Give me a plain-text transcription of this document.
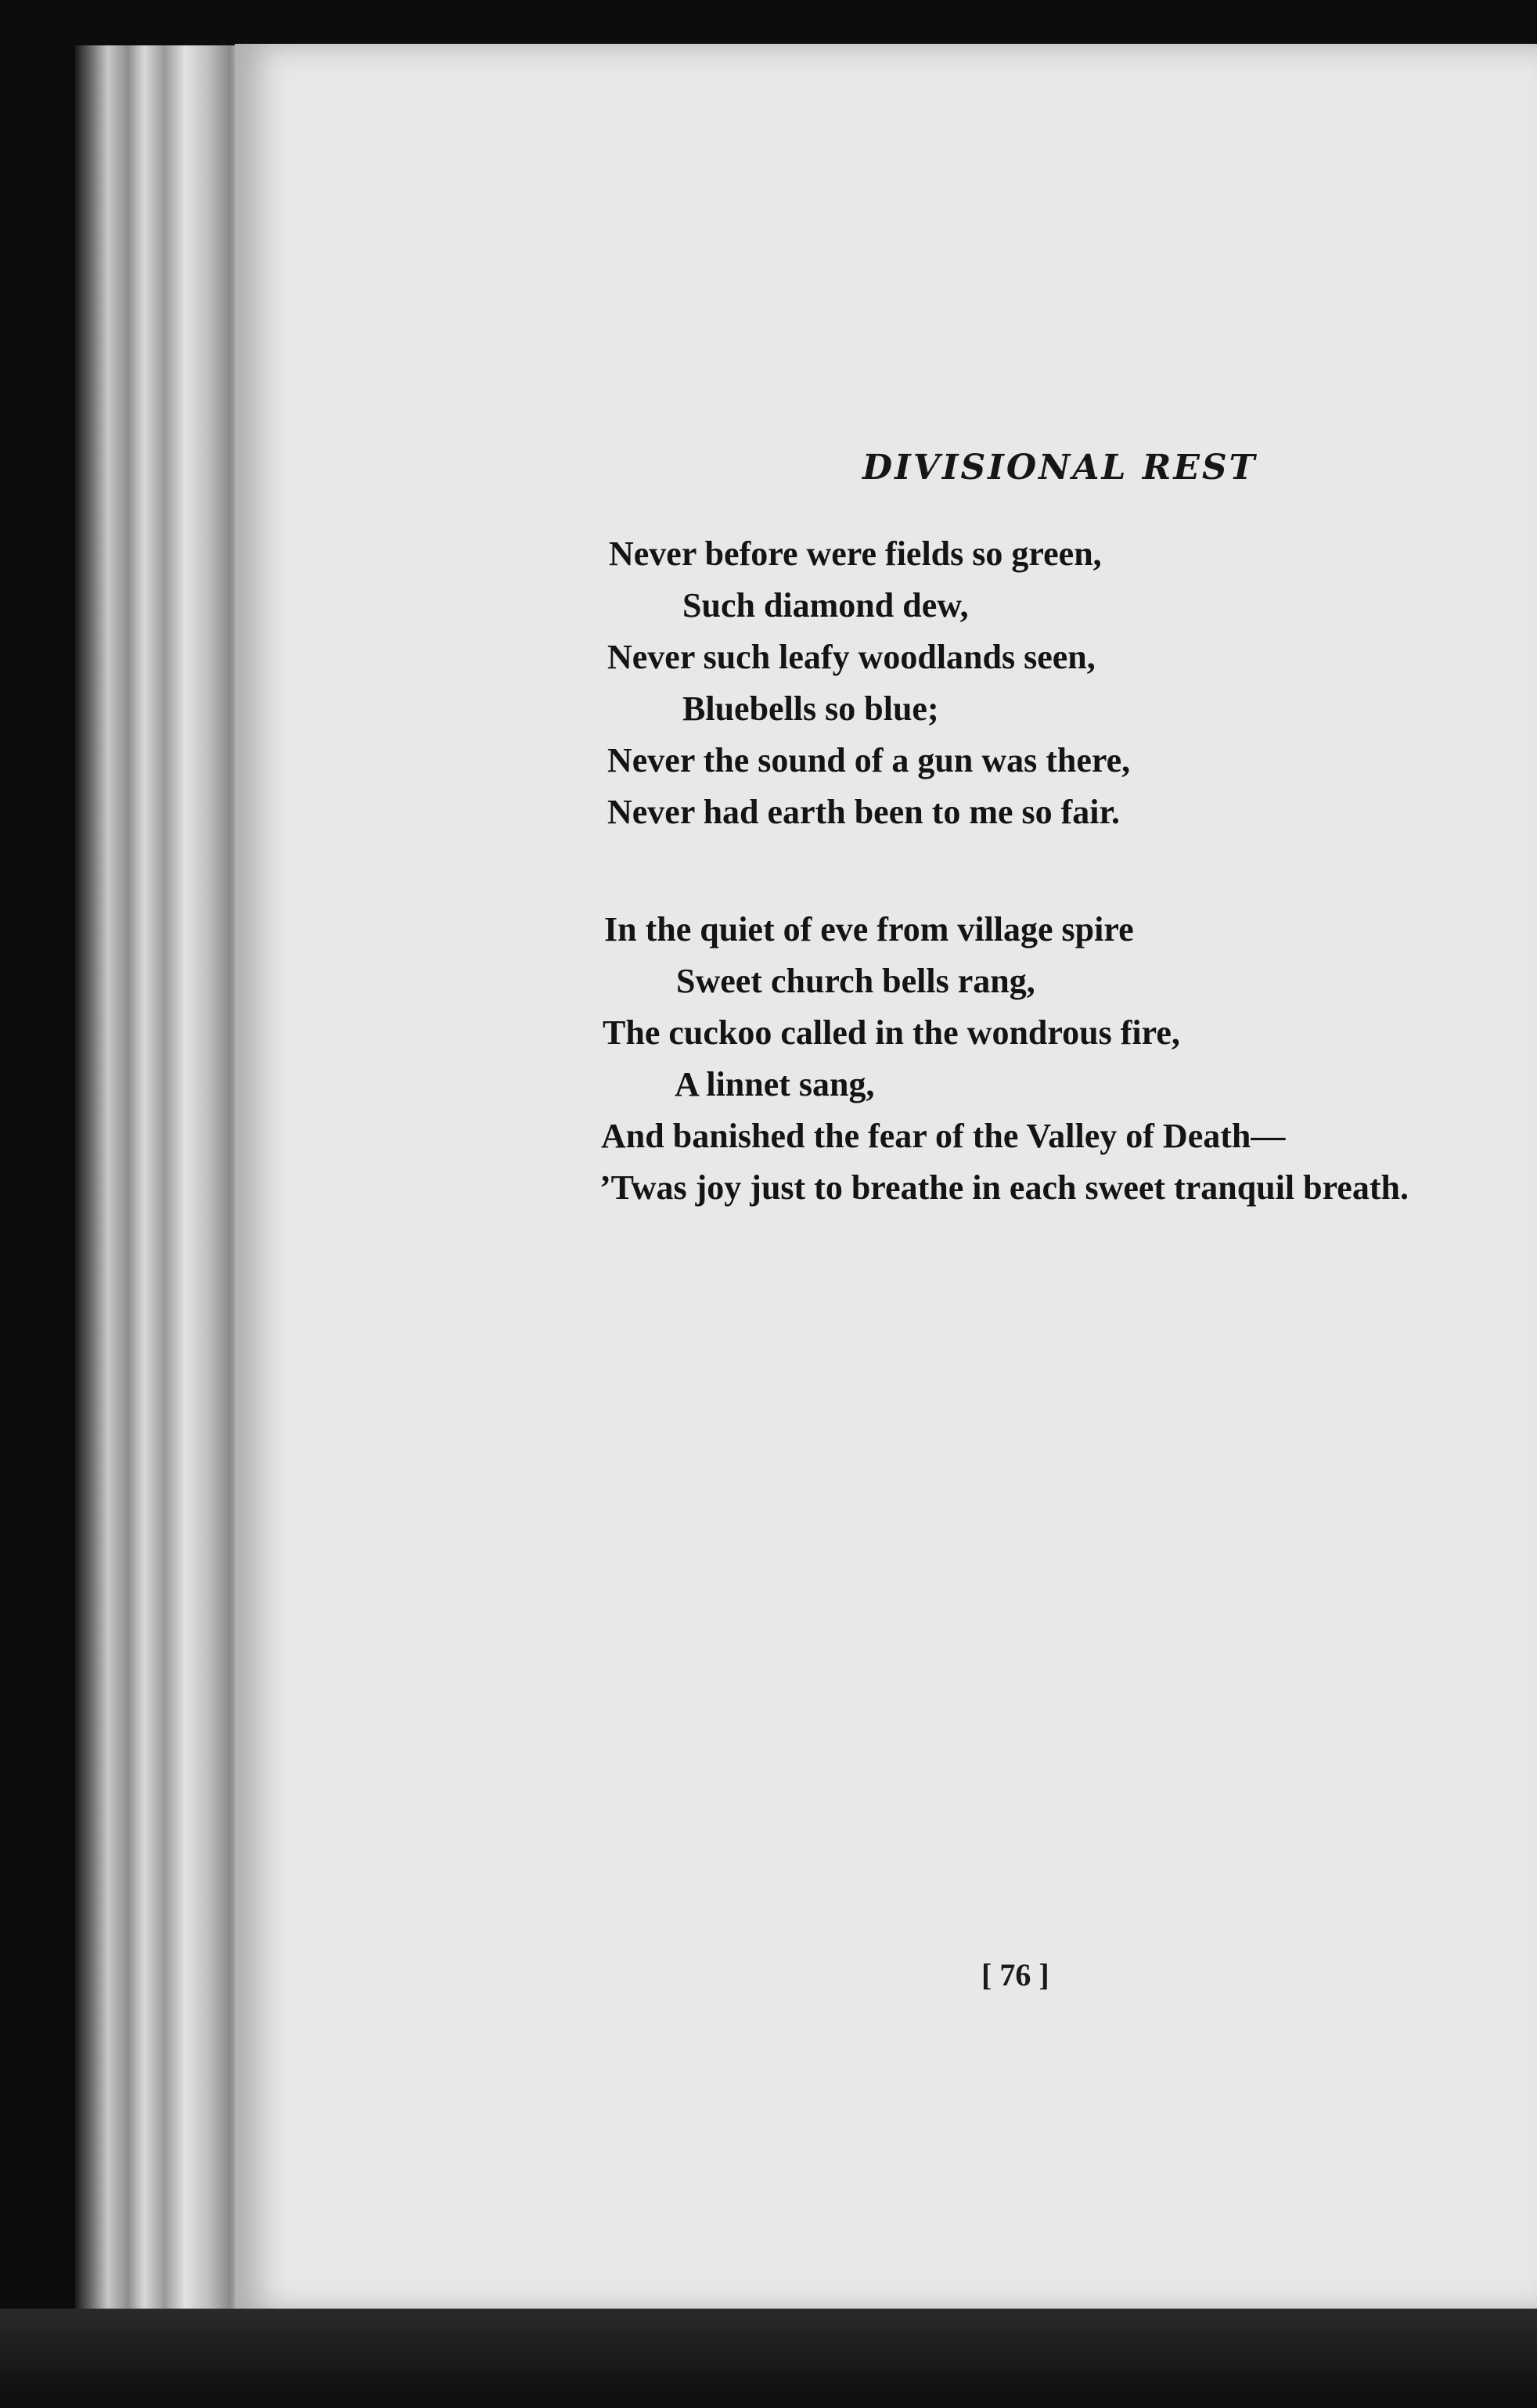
DIVISIONAL REST
Never before were fields so green,
Such diamond dew,
Never such leafy woodlands seen,
Bluebells so blue;
Never the sound of a gun was there,
Never had earth been to me so fair.
In the quiet of eve from village spire
Sweet church bells rang,
The cuckoo called in the wondrous fire,
A linnet sang,
And banished the fear of the Valley of Death—
’Twas joy just to breathe in each sweet tranquil breath.
[ 76 ]
